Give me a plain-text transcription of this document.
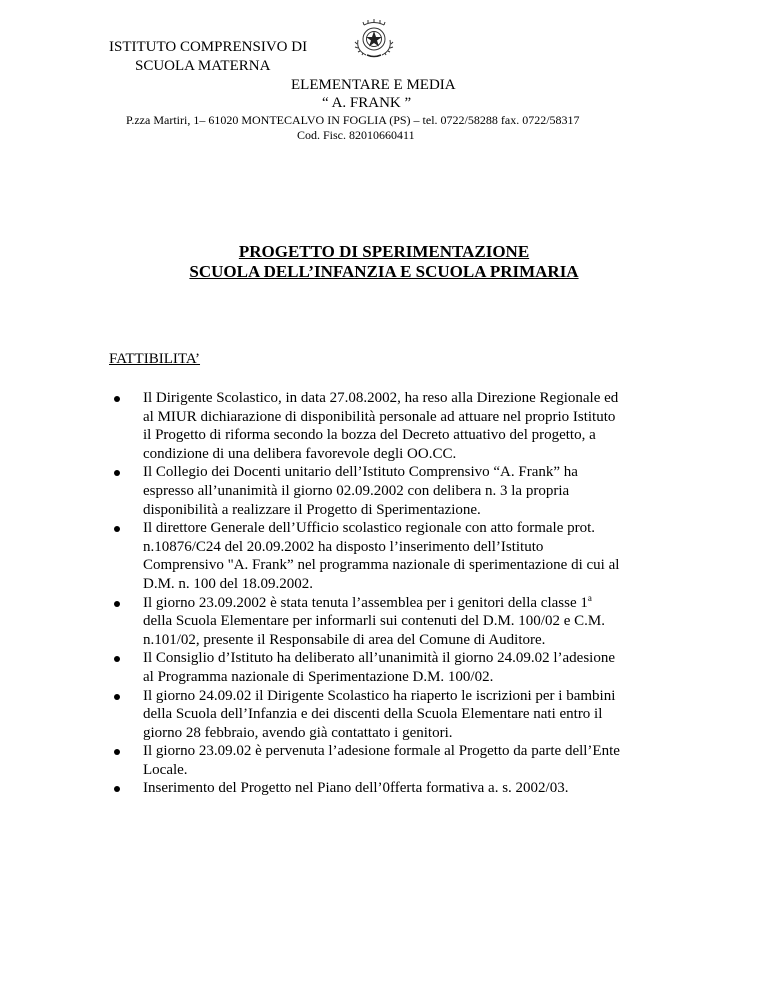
ISTITUTO COMPRENSIVO DI
SCUOLA MATERNA
ELEMENTARE E MEDIA
“ A. FRANK ”
P.zza Martiri, 1– 61020 MONTECALVO IN FOGLIA (PS) – tel. 0722/58288 fax. 0722/58317
Cod. Fisc. 82010660411
PROGETTO DI SPERIMENTAZIONE
SCUOLA DELL’INFANZIA E SCUOLA PRIMARIA
FATTIBILITA’
Il Dirigente Scolastico, in data 27.08.2002, ha reso alla Direzione Regionale ed
al MIUR dichiarazione di disponibilità personale ad attuare nel proprio Istituto
il Progetto di riforma secondo la bozza del Decreto attuativo del progetto, a
condizione di una delibera favorevole degli OO.CC.
Il Collegio dei Docenti unitario dell’Istituto Comprensivo “A. Frank” ha
espresso all’unanimità il giorno 02.09.2002 con delibera n. 3 la propria
disponibilità a realizzare il Progetto di Sperimentazione.
Il direttore Generale dell’Ufficio scolastico regionale con atto formale prot.
n.10876/C24 del 20.09.2002 ha disposto l’inserimento dell’Istituto
Comprensivo "A. Frank” nel programma nazionale di sperimentazione di cui al
D.M. n. 100 del 18.09.2002.
Il giorno 23.09.2002 è stata tenuta l’assemblea per i genitori della classe 1$^a$
della Scuola Elementare per informarli sui contenuti del D.M. 100/02 e C.M.
n.101/02, presente il Responsabile di area del Comune di Auditore.
Il Consiglio d’Istituto ha deliberato all’unanimità il giorno 24.09.02 l’adesione
al Programma nazionale di Sperimentazione D.M. 100/02.
Il giorno 24.09.02 il Dirigente Scolastico ha riaperto le iscrizioni per i bambini
della Scuola dell’Infanzia e dei discenti della Scuola Elementare nati entro il
giorno 28 febbraio, avendo già contattato i genitori.
Il giorno 23.09.02 è pervenuta l’adesione formale al Progetto da parte dell’Ente
Locale.
Inserimento del Progetto nel Piano dell’0fferta formativa a. s. 2002/03.
